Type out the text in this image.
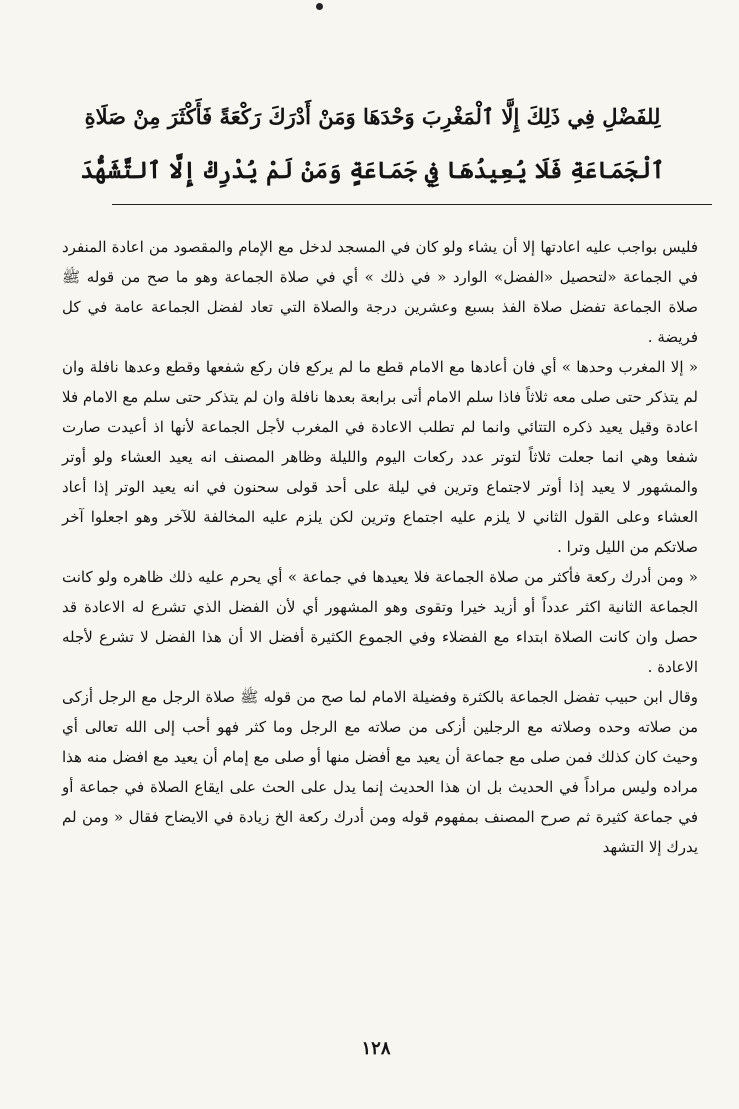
لِلفَضْلِ فِي ذَلِكَ إِلَّا ٱلْمَغْرِبَ وَحْدَهَا وَمَنْ أَدْرَكَ رَكْعَةً فَأَكْثَرَ مِنْ صَلَاةِ
ٱلْجَمَاعَةِ فَلَا يُعِيدُهَا فِي جَمَاعَةٍ وَمَنْ لَمْ يُدْرِكْ إِلَّا ٱلتَّشَهُّدَ

فليس بواجب عليه اعادتها إلا أن يشاء ولو كان في المسجد لدخل مع الإمام والمقصود من اعادة المنفرد في الجماعة «لتحصيل «الفضل» الوارد « في ذلك » أي في صلاة الجماعة وهو ما صح من قوله ﷺ صلاة الجماعة تفضل صلاة الفذ بسبع وعشرين درجة والصلاة التي تعاد لفضل الجماعة عامة في كل فريضة .

« إلا المغرب وحدها » أي فان أعادها مع الامام قطع ما لم يركع فان ركع شفعها وقطع وعدها نافلة وان لم يتذكر حتى صلى معه ثلاثاً فاذا سلم الامام أتى برابعة بعدها نافلة وان لم يتذكر حتى سلم مع الامام فلا اعادة وقيل يعيد ذكره التتائي وانما لم تطلب الاعادة في المغرب لأجل الجماعة لأنها اذ أعيدت صارت شفعا وهي انما جعلت ثلاثاً لتوتر عدد ركعات اليوم والليلة وظاهر المصنف انه يعيد العشاء ولو أوتر والمشهور لا يعيد إذا أوتر لاجتماع وترين في ليلة على أحد قولى سحنون في انه يعيد الوتر إذا أعاد العشاء وعلى القول الثاني لا يلزم عليه اجتماع وترين لكن يلزم عليه المخالفة للآخر وهو اجعلوا آخر صلاتكم من الليل وترا .

« ومن أدرك ركعة فأكثر من صلاة الجماعة فلا يعيدها في جماعة » أي يحرم عليه ذلك ظاهره ولو كانت الجماعة الثانية اكثر عدداً أو أزيد خيرا وتقوى وهو المشهور أي لأن الفضل الذي تشرع له الاعادة قد حصل وان كانت الصلاة ابتداء مع الفضلاء وفي الجموع الكثيرة أفضل الا أن هذا الفضل لا تشرع لأجله الاعادة .

وقال ابن حبيب تفضل الجماعة بالكثرة وفضيلة الامام لما صح من قوله ﷺ صلاة الرجل مع الرجل أزكى من صلاته وحده وصلاته مع الرجلين أزكى من صلاته مع الرجل وما كثر فهو أحب إلى الله تعالى أي وحيث كان كذلك فمن صلى مع جماعة أن يعيد مع أفضل منها أو صلى مع إمام أن يعيد مع افضل منه هذا مراده وليس مراداً في الحديث بل ان هذا الحديث إنما يدل على الحث على ايقاع الصلاة في جماعة أو في جماعة كثيرة ثم صرح المصنف بمفهوم قوله ومن أدرك ركعة الخ زيادة في الايضاح فقال « ومن لم يدرك إلا التشهد

١٢٨
